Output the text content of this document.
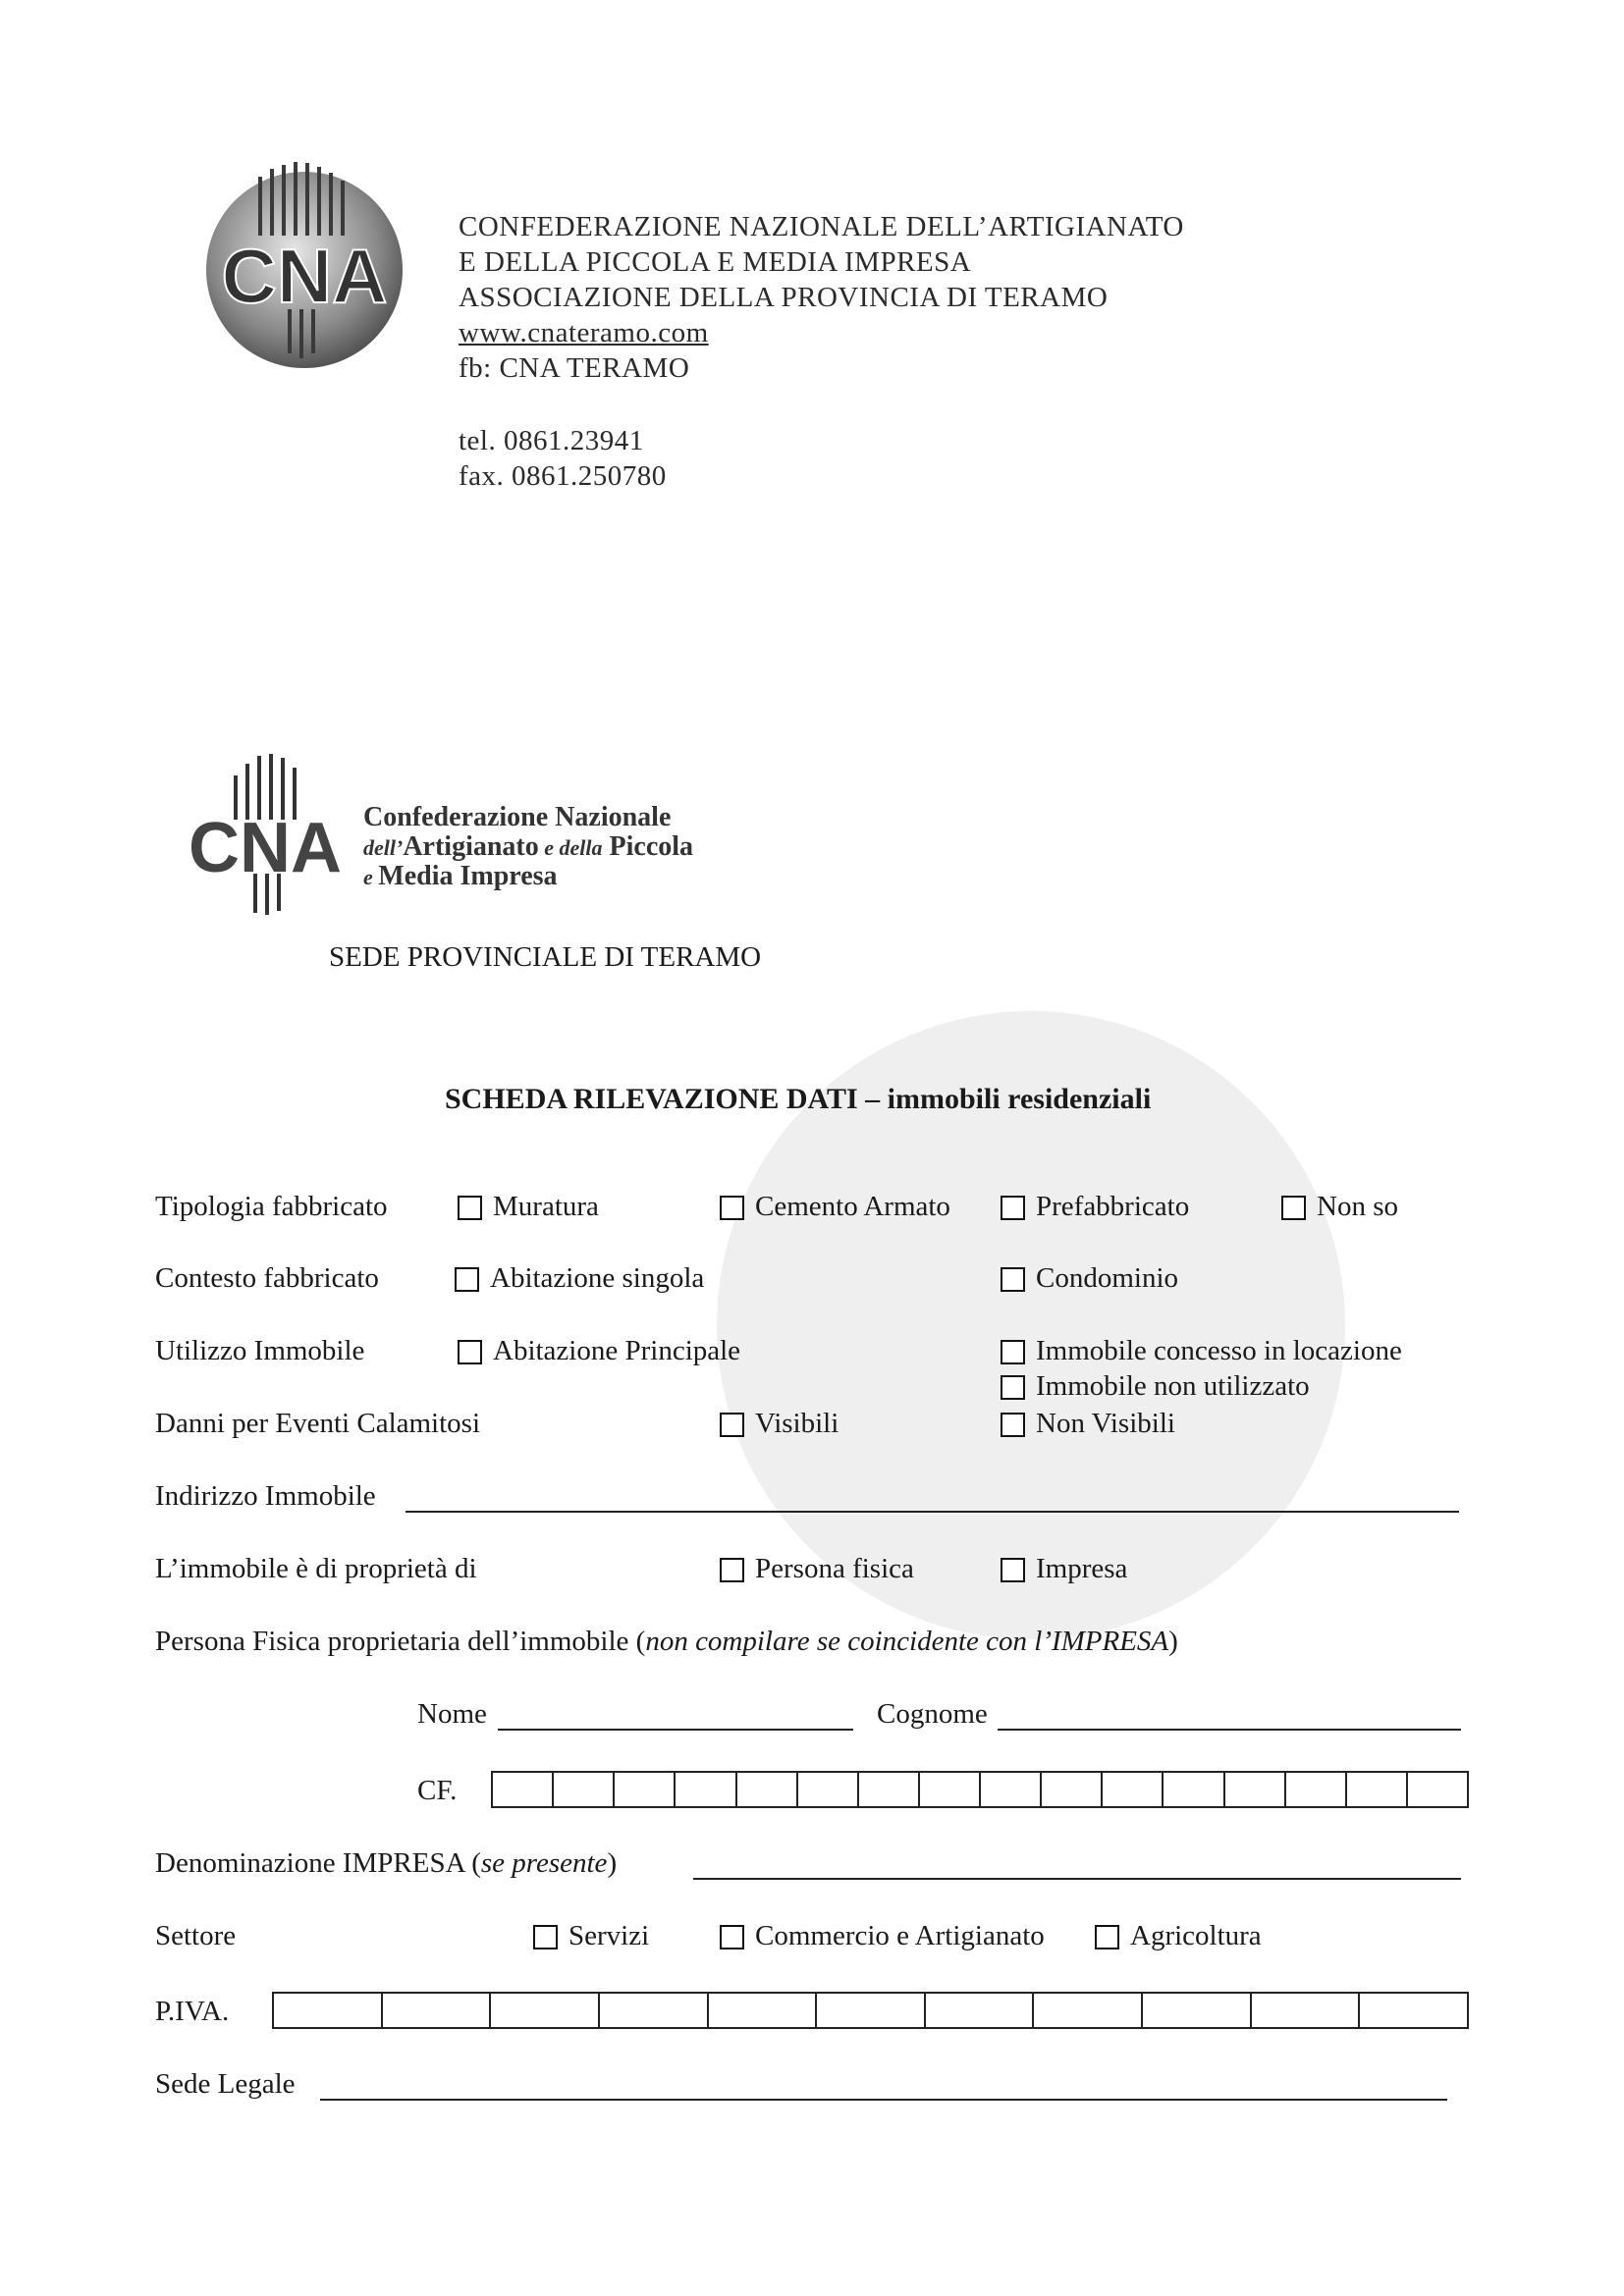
CNA
CONFEDERAZIONE NAZIONALE DELL’ARTIGIANATO
E DELLA PICCOLA E MEDIA IMPRESA
ASSOCIAZIONE DELLA PROVINCIA DI TERAMO
www.cnateramo.com
fb: CNA TERAMO
tel. 0861.23941
fax. 0861.250780
CNA Confederazione Nazionale
dell’Artigianato e della Piccola
e Media Impresa
SEDE PROVINCIALE DI TERAMO
SCHEDA RILEVAZIONE DATI – immobili residenziali
Tipologia fabbricato	Muratura	Cemento Armato	Prefabbricato	Non so
Contesto fabbricato	Abitazione singola	Condominio
Utilizzo Immobile	Abitazione Principale	Immobile concesso in locazione
Immobile non utilizzato
Danni per Eventi Calamitosi	Visibili	Non Visibili
Indirizzo Immobile
L’immobile è di proprietà di	Persona fisica	Impresa
Persona Fisica proprietaria dell’immobile (non compilare se coincidente con l’IMPRESA)
Nome	Cognome
CF.
Denominazione IMPRESA (se presente)
Settore	Servizi	Commercio e Artigianato	Agricoltura
P.IVA.
Sede Legale
